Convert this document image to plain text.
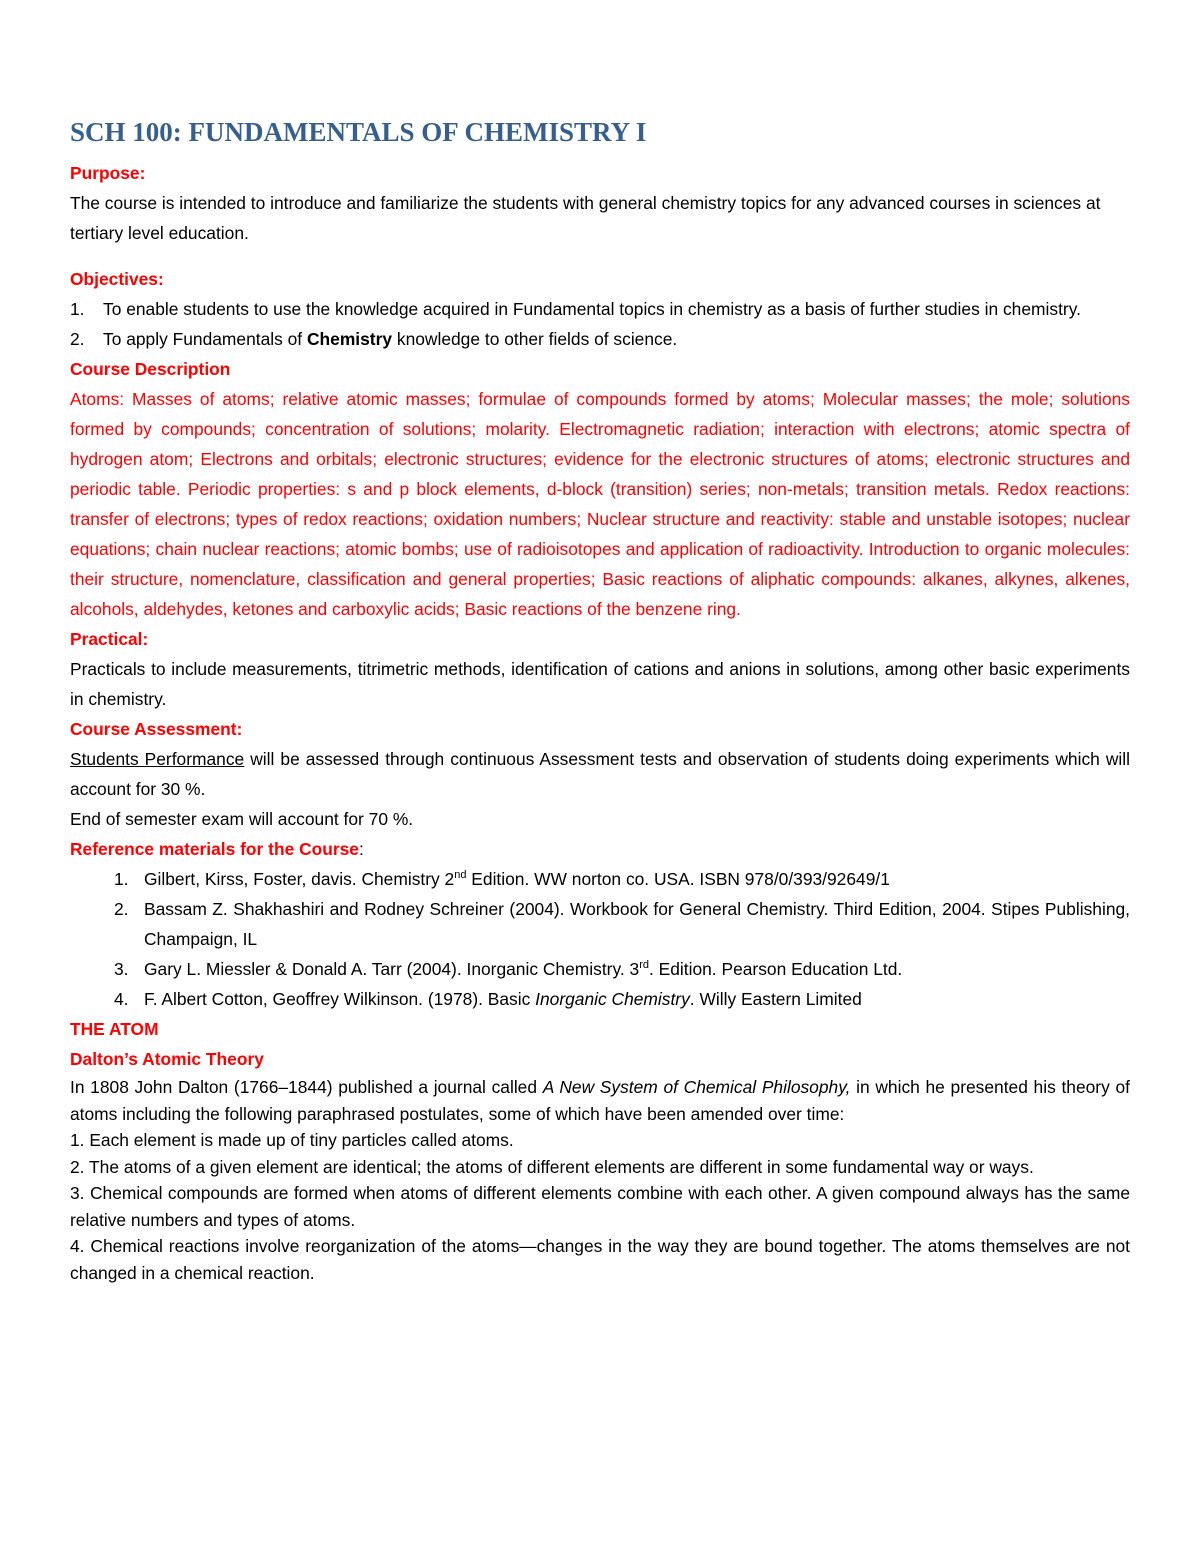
SCH 100: FUNDAMENTALS OF CHEMISTRY I

Purpose:

The course is intended to introduce and familiarize the students with general chemistry topics for any advanced courses in sciences at tertiary level education.

Objectives:

1. To enable students to use the knowledge acquired in Fundamental topics in chemistry as a basis of further studies in chemistry.
2. To apply Fundamentals of Chemistry knowledge to other fields of science.

Course Description

Atoms: Masses of atoms; relative atomic masses; formulae of compounds formed by atoms; Molecular masses; the mole; solutions formed by compounds; concentration of solutions; molarity. Electromagnetic radiation; interaction with electrons; atomic spectra of hydrogen atom; Electrons and orbitals; electronic structures; evidence for the electronic structures of atoms; electronic structures and periodic table. Periodic properties: s and p block elements, d-block (transition) series; non-metals; transition metals. Redox reactions: transfer of electrons; types of redox reactions; oxidation numbers; Nuclear structure and reactivity: stable and unstable isotopes; nuclear equations; chain nuclear reactions; atomic bombs; use of radioisotopes and application of radioactivity. Introduction to organic molecules: their structure, nomenclature, classification and general properties; Basic reactions of aliphatic compounds: alkanes, alkynes, alkenes, alcohols, aldehydes, ketones and carboxylic acids; Basic reactions of the benzene ring.

Practical:

Practicals to include measurements, titrimetric methods, identification of cations and anions in solutions, among other basic experiments in chemistry.

Course Assessment:

Students Performance will be assessed through continuous Assessment tests and observation of students doing experiments which will account for 30 %.

End of semester exam will account for 70 %.

Reference materials for the Course:

1. Gilbert, Kirss, Foster, davis. Chemistry 2nd Edition. WW norton co. USA. ISBN 978/0/393/92649/1
2. Bassam Z. Shakhashiri and Rodney Schreiner (2004). Workbook for General Chemistry. Third Edition, 2004. Stipes Publishing, Champaign, IL
3. Gary L. Miessler & Donald A. Tarr (2004). Inorganic Chemistry. 3rd. Edition. Pearson Education Ltd.
4. F. Albert Cotton, Geoffrey Wilkinson. (1978). Basic Inorganic Chemistry. Willy Eastern Limited

THE ATOM

Dalton’s Atomic Theory

In 1808 John Dalton (1766–1844) published a journal called A New System of Chemical Philosophy, in which he presented his theory of atoms including the following paraphrased postulates, some of which have been amended over time:

1. Each element is made up of tiny particles called atoms.

2. The atoms of a given element are identical; the atoms of different elements are different in some fundamental way or ways.

3. Chemical compounds are formed when atoms of different elements combine with each other. A given compound always has the same relative numbers and types of atoms.

4. Chemical reactions involve reorganization of the atoms—changes in the way they are bound together. The atoms themselves are not changed in a chemical reaction.
